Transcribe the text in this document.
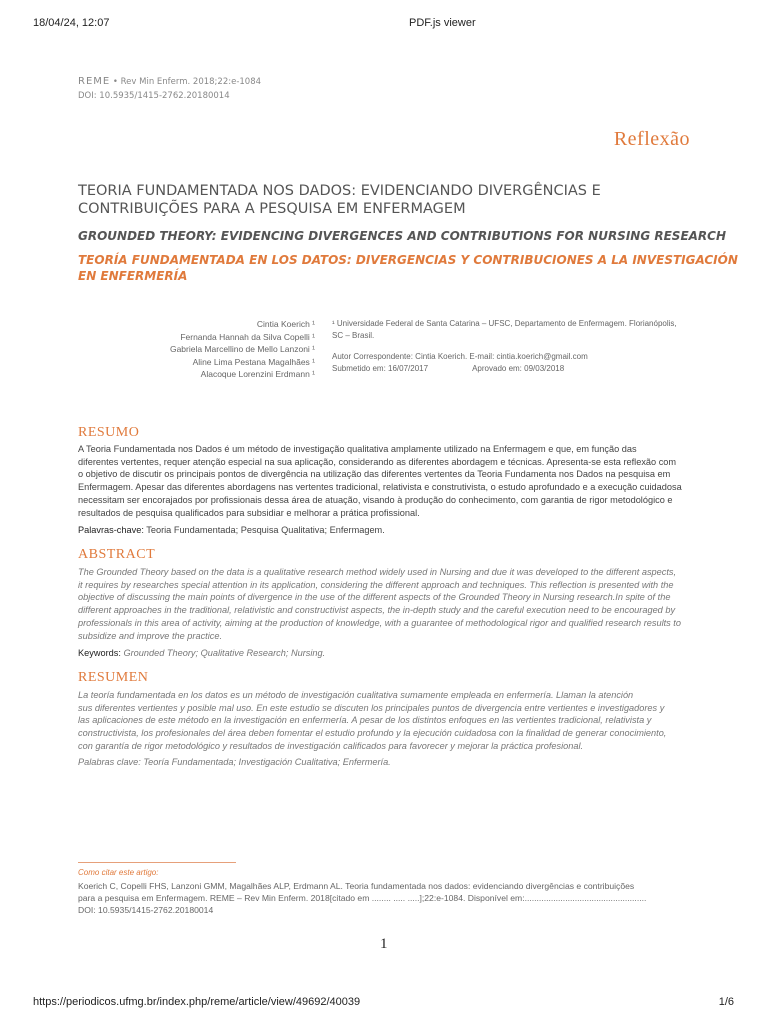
18/04/24, 12:07	PDF.js viewer
REME • Rev Min Enferm. 2018;22:e-1084
DOI: 10.5935/1415-2762.20180014
Reflexão
TEORIA FUNDAMENTADA NOS DADOS: EVIDENCIANDO DIVERGÊNCIAS E
CONTRIBUIÇÕES PARA A PESQUISA EM ENFERMAGEM
GROUNDED THEORY: EVIDENCING DIVERGENCES AND CONTRIBUTIONS FOR NURSING RESEARCH
TEORÍA FUNDAMENTADA EN LOS DATOS: DIVERGENCIAS Y CONTRIBUCIONES A LA INVESTIGACIÓN
EN ENFERMERÍA
Cintia Koerich ¹
Fernanda Hannah da Silva Copelli ¹
Gabriela Marcellino de Mello Lanzoni ¹
Aline Lima Pestana Magalhães ¹
Alacoque Lorenzini Erdmann ¹
¹ Universidade Federal de Santa Catarina – UFSC, Departamento de Enfermagem. Florianópolis,
SC – Brasil.
Autor Correspondente: Cintia Koerich. E-mail: cintia.koerich@gmail.com
Submetido em: 16/07/2017	Aprovado em: 09/03/2018
RESUMO
A Teoria Fundamentada nos Dados é um método de investigação qualitativa amplamente utilizado na Enfermagem e que, em função das
diferentes vertentes, requer atenção especial na sua aplicação, considerando as diferentes abordagem e técnicas. Apresenta-se esta reflexão com
o objetivo de discutir os principais pontos de divergência na utilização das diferentes vertentes da Teoria Fundamenta nos Dados na pesquisa em
Enfermagem. Apesar das diferentes abordagens nas vertentes tradicional, relativista e construtivista, o estudo aprofundado e a execução cuidadosa
necessitam ser encorajados por profissionais dessa área de atuação, visando à produção do conhecimento, com garantia de rigor metodológico e
resultados de pesquisa qualificados para subsidiar e melhorar a prática profissional.
Palavras-chave: Teoria Fundamentada; Pesquisa Qualitativa; Enfermagem.
ABSTRACT
The Grounded Theory based on the data is a qualitative research method widely used in Nursing and due it was developed to the different aspects,
it requires by researches special attention in its application, considering the different approach and techniques. This reflection is presented with the
objective of discussing the main points of divergence in the use of the different aspects of the Grounded Theory in Nursing research.In spite of the
different approaches in the traditional, relativistic and constructivist aspects, the in-depth study and the careful execution need to be encouraged by
professionals in this area of activity, aiming at the production of knowledge, with a guarantee of methodological rigor and qualified research results to
subsidize and improve the practice.
Keywords: Grounded Theory; Qualitative Research; Nursing.
RESUMEN
La teoría fundamentada en los datos es un método de investigación cualitativa sumamente empleada en enfermería. Llaman la atención
sus diferentes vertientes y posible mal uso. En este estudio se discuten los principales puntos de divergencia entre vertientes e investigadores y
las aplicaciones de este método en la investigación en enfermería. A pesar de los distintos enfoques en las vertientes tradicional, relativista y
constructivista, los profesionales del área deben fomentar el estudio profundo y la ejecución cuidadosa con la finalidad de generar conocimiento,
con garantía de rigor metodológico y resultados de investigación calificados para favorecer y mejorar la práctica profesional.
Palabras clave: Teoría Fundamentada; Investigación Cualitativa; Enfermería.
Como citar este artigo:
Koerich C, Copelli FHS, Lanzoni GMM, Magalhães ALP, Erdmann AL. Teoria fundamentada nos dados: evidenciando divergências e contribuições
para a pesquisa em Enfermagem. REME – Rev Min Enferm. 2018[citado em ........ ..... .....];22:e-1084. Disponível em:...................................................
DOI: 10.5935/1415-2762.20180014
1
https://periodicos.ufmg.br/index.php/reme/article/view/49692/40039	1/6
